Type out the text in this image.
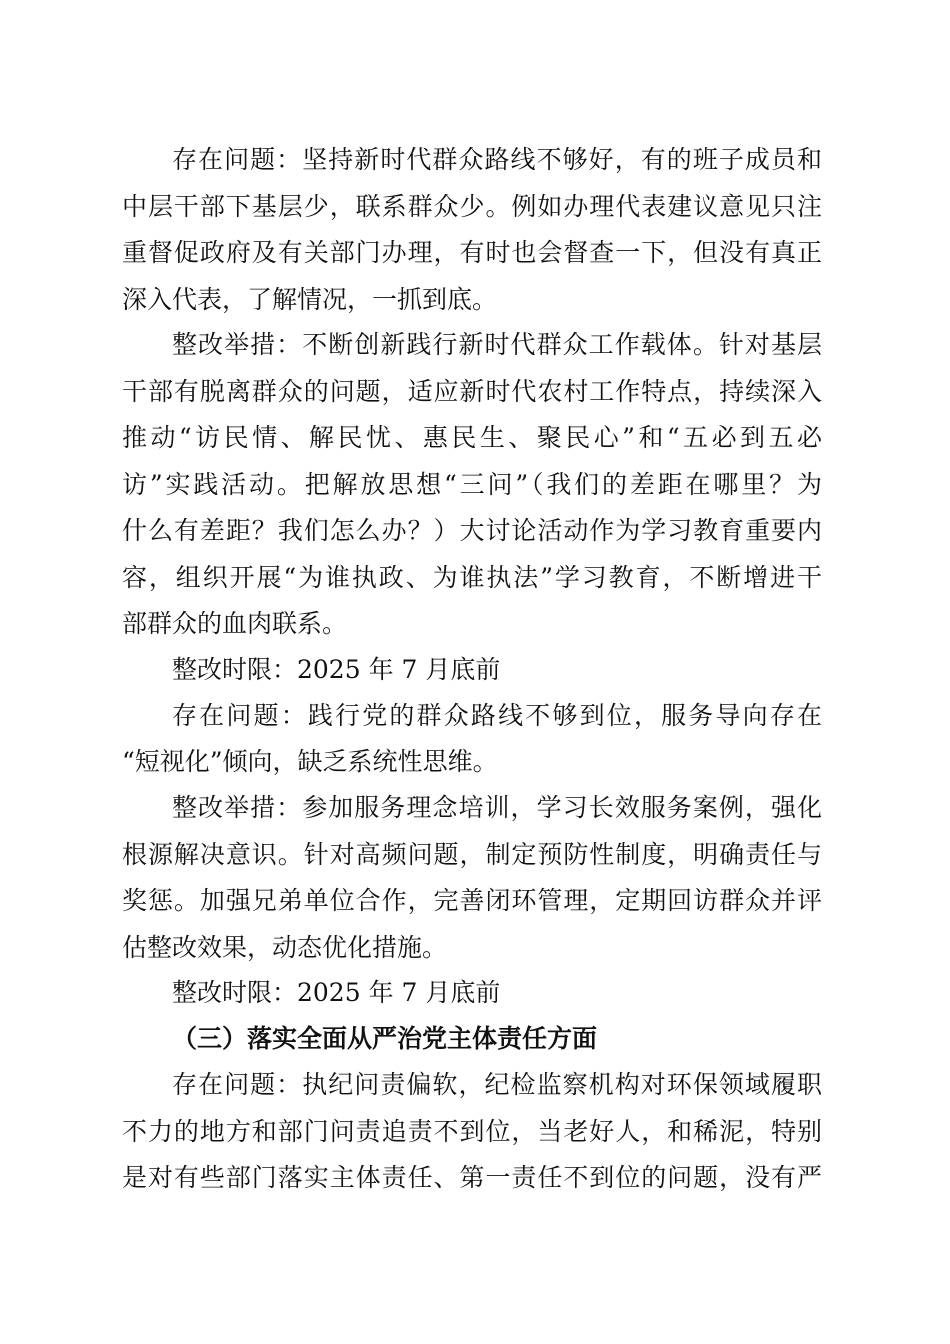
存在问题：坚持新时代群众路线不够好，有的班子成员和
中层干部下基层少，联系群众少。例如办理代表建议意见只注
重督促政府及有关部门办理，有时也会督查一下，但没有真正
深入代表，了解情况，一抓到底。
整改举措：不断创新践行新时代群众工作载体。针对基层
干部有脱离群众的问题，适应新时代农村工作特点，持续深入
推动“访民情、解民忧、惠民生、聚民心”和“五必到五必
访”实践活动。把解放思想“三问”（我们的差距在哪里？为
什么有差距？我们怎么办？）大讨论活动作为学习教育重要内
容，组织开展“为谁执政、为谁执法”学习教育，不断增进干
部群众的血肉联系。
整改时限：2025 年 7 月底前
存在问题：践行党的群众路线不够到位，服务导向存在
“短视化”倾向，缺乏系统性思维。
整改举措：参加服务理念培训，学习长效服务案例，强化
根源解决意识。针对高频问题，制定预防性制度，明确责任与
奖惩。加强兄弟单位合作，完善闭环管理，定期回访群众并评
估整改效果，动态优化措施。
整改时限：2025 年 7 月底前
（三）落实全面从严治党主体责任方面
存在问题：执纪问责偏软，纪检监察机构对环保领域履职
不力的地方和部门问责追责不到位，当老好人，和稀泥，特别
是对有些部门落实主体责任、第一责任不到位的问题，没有严
